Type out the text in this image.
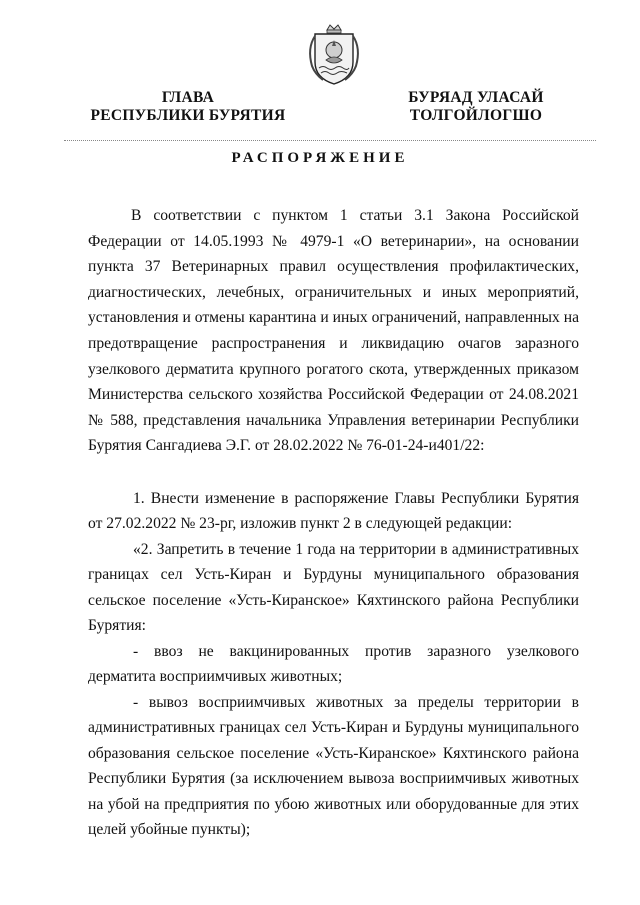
ГЛАВА
РЕСПУБЛИКИ БУРЯТИЯ
БУРЯАД УЛАСАЙ
ТОЛГОЙЛОГШО
РАСПОРЯЖЕНИЕ
В соответствии с пунктом 1 статьи 3.1 Закона Российской Федерации от 14.05.1993 № 4979-1 «О ветеринарии», на основании пункта 37 Ветеринарных правил осуществления профилактических, диагностических, лечебных, ограничительных и иных мероприятий, установления и отмены карантина и иных ограничений, направленных на предотвращение распространения и ликвидацию очагов заразного узелкового дерматита крупного рогатого скота, утвержденных приказом Министерства сельского хозяйства Российской Федерации от 24.08.2021 № 588, представления начальника Управления ветеринарии Республики Бурятия Сангадиева Э.Г. от 28.02.2022 № 76-01-24-и401/22:
1. Внести изменение в распоряжение Главы Республики Бурятия от 27.02.2022 № 23-рг, изложив пункт 2 в следующей редакции:
«2. Запретить в течение 1 года на территории в административных границах сел Усть-Киран и Бурдуны муниципального образования сельское поселение «Усть-Киранское» Кяхтинского района Республики Бурятия:
- ввоз не вакцинированных против заразного узелкового дерматита восприимчивых животных;
- вывоз восприимчивых животных за пределы территории в административных границах сел Усть-Киран и Бурдуны муниципального образования сельское поселение «Усть-Киранское» Кяхтинского района Республики Бурятия (за исключением вывоза восприимчивых животных на убой на предприятия по убою животных или оборудованные для этих целей убойные пункты);
